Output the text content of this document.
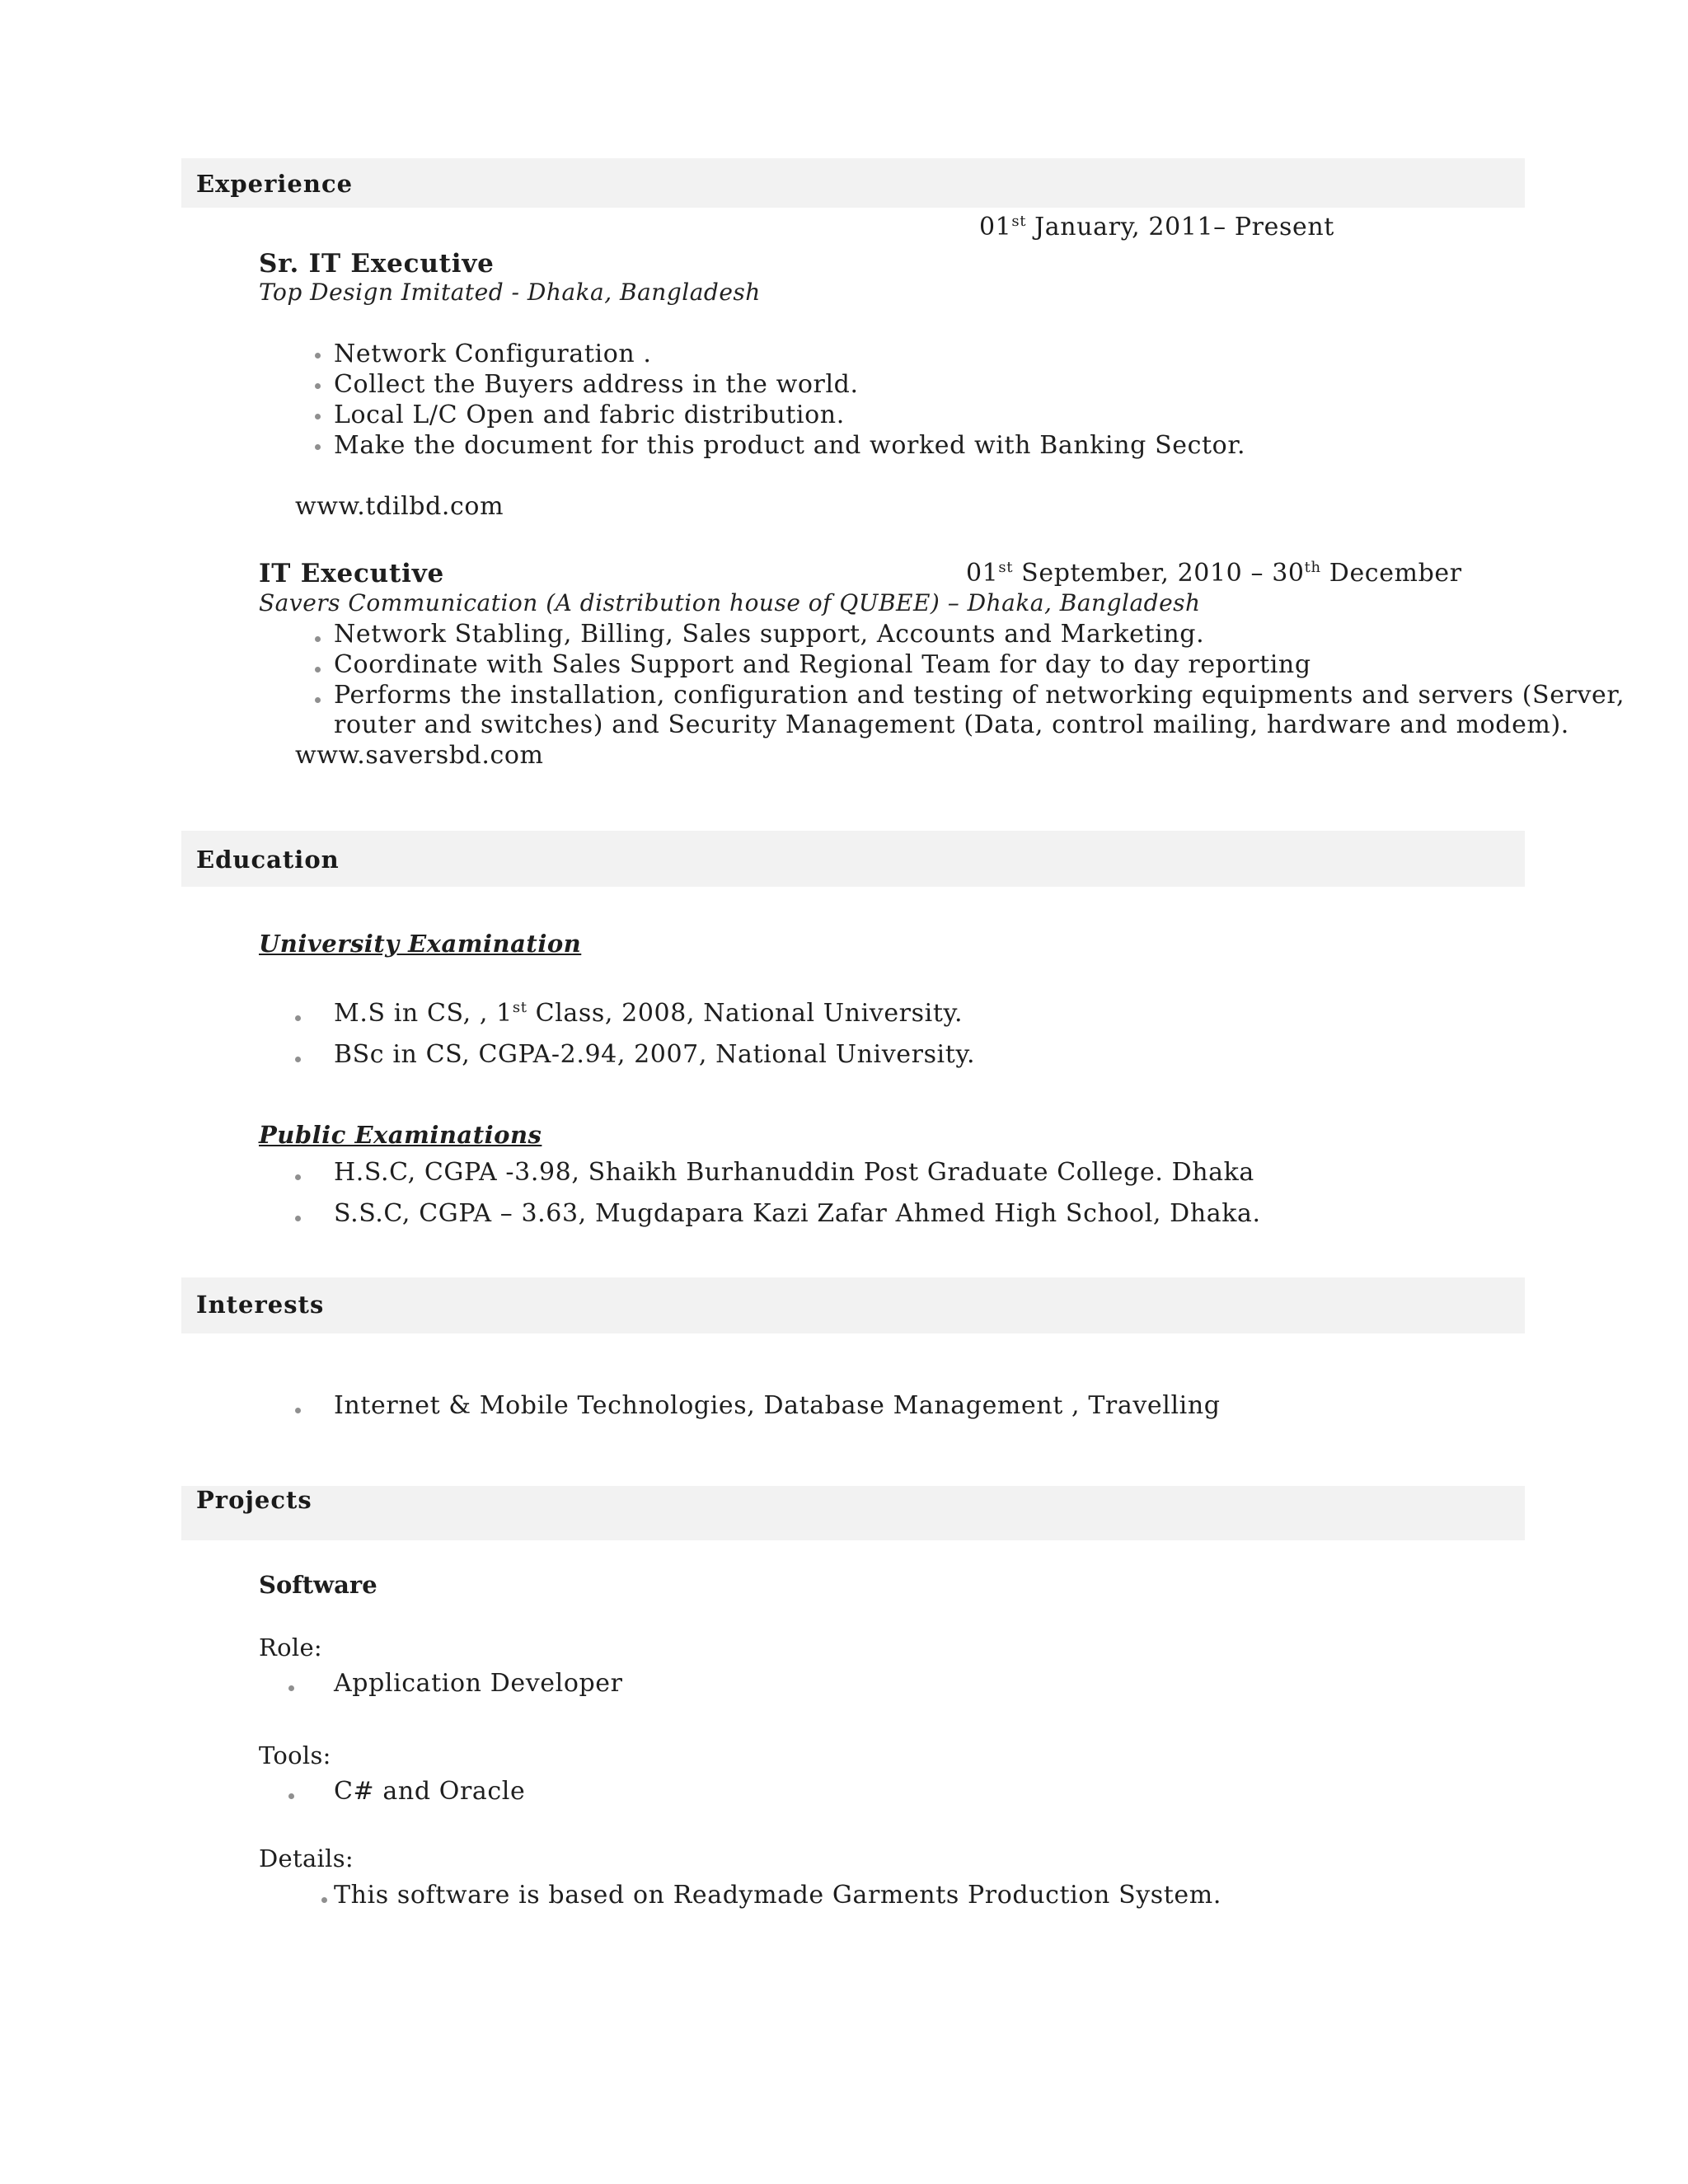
Experience
01st January, 2011– Present
Sr. IT Executive
Top Design Imitated - Dhaka, Bangladesh
Network Configuration .
Collect the Buyers address in the world.
Local L/C Open and fabric distribution.
Make the document for this product and worked with Banking Sector.
www.tdilbd.com
IT Executive	01st September, 2010 – 30th December
Savers Communication (A distribution house of QUBEE) – Dhaka, Bangladesh
Network Stabling, Billing, Sales support, Accounts and Marketing.
Coordinate with Sales Support and Regional Team for day to day reporting
Performs the installation, configuration and testing of networking equipments and servers (Server,
router and switches) and Security Management (Data, control mailing, hardware and modem).
www.saversbd.com
Education
University Examination
M.S in CS, , 1st Class, 2008, National University.
BSc in CS, CGPA-2.94, 2007, National University.
Public Examinations
H.S.C, CGPA -3.98, Shaikh Burhanuddin Post Graduate College. Dhaka
S.S.C, CGPA – 3.63, Mugdapara Kazi Zafar Ahmed High School, Dhaka.
Interests
Internet & Mobile Technologies, Database Management , Travelling
Projects
Software
Role:
Application Developer
Tools:
C# and Oracle
Details:
This software is based on Readymade Garments Production System.
